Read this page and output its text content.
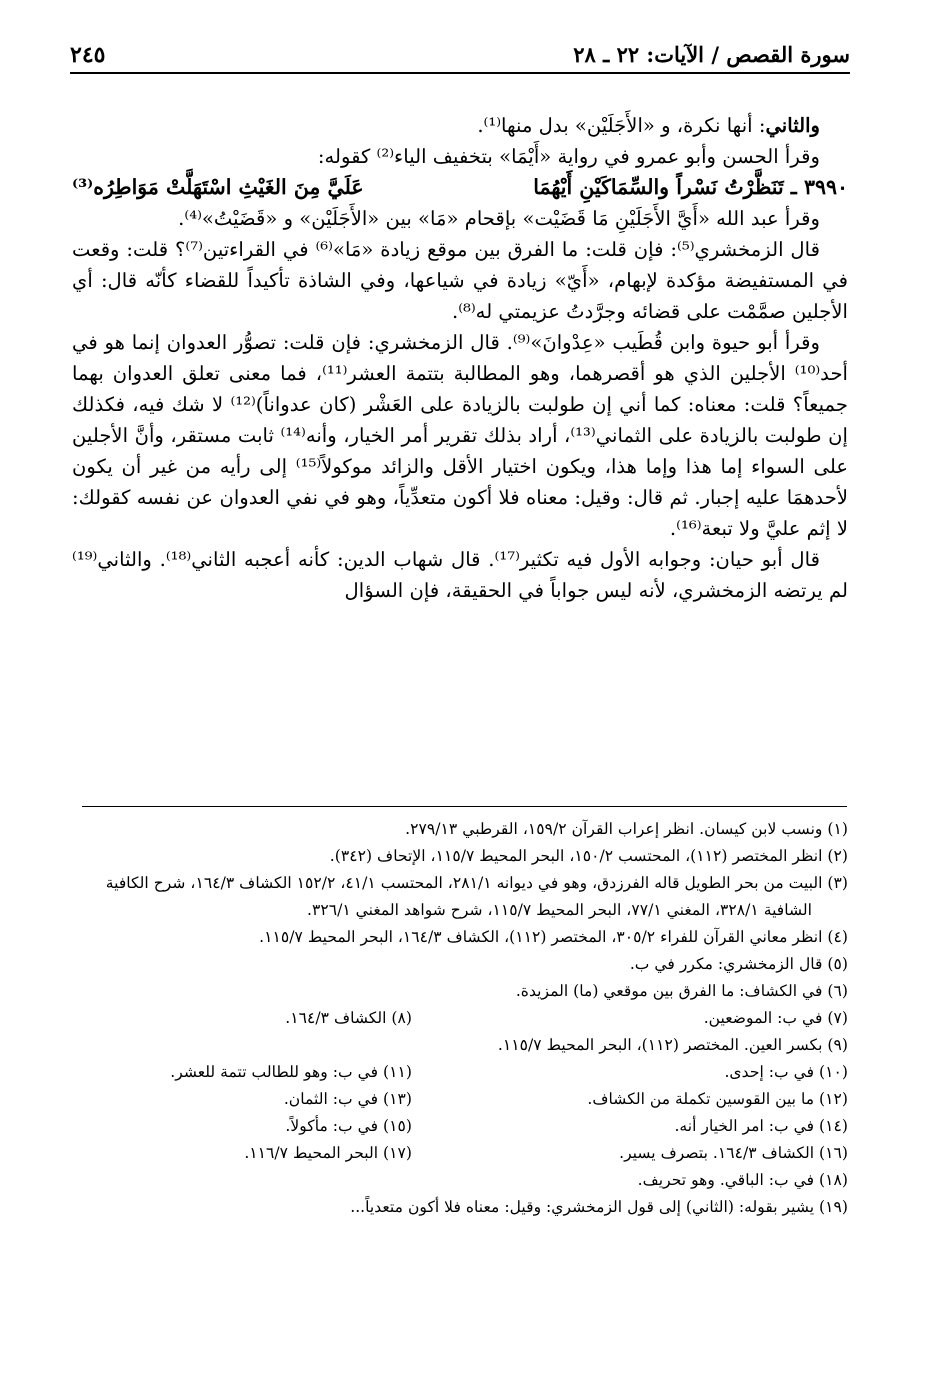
سورة القصص / الآيات: ٢٢ ـ ٢٨
٢٤٥

والثاني: أنها نكرة، و «الأَجَلَيْن» بدل منها⁽¹⁾.

وقرأ الحسن وأبو عمرو في رواية «أَيْمَا» بتخفيف الياء⁽²⁾ كقوله:

٣٩٩٠ ـ تَنَظَّرْتُ نَسْراً والسِّمَاكَيْنِ أَيْهُمَا
عَلَيَّ مِنَ الغَيْثِ اسْتَهَلَّتْ مَوَاطِرُه⁽³⁾

وقرأ عبد الله «أَيَّ الأَجَلَيْنِ مَا قَضَيْت» بإقحام «مَا» بين «الأَجَلَيْن» و «قَضَيْتُ»⁽⁴⁾.

قال الزمخشري⁽⁵⁾: فإن قلت: ما الفرق بين موقع زيادة «مَا»⁽⁶⁾ في القراءتين⁽⁷⁾؟ قلت: وقعت في المستفيضة مؤكدة لإبهام، «أَيّ» زيادة في شياعها، وفي الشاذة تأكيداً للقضاء كأنّه قال: أي الأجلين صمَّمْت على قضائه وجرَّدتُ عزيمتي له⁽⁸⁾.

وقرأ أبو حيوة وابن قُطَيب «عِدْوانَ»⁽⁹⁾. قال الزمخشري: فإن قلت: تصوُّر العدوان إنما هو في أحد⁽¹⁰⁾ الأجلين الذي هو أقصرهما، وهو المطالبة بتتمة العشر⁽¹¹⁾، فما معنى تعلق العدوان بهما جميعاً؟ قلت: معناه: كما أني إن طولبت بالزيادة على العَشْر (كان عدواناً)⁽¹²⁾ لا شك فيه، فكذلك إن طولبت بالزيادة على الثماني⁽¹³⁾، أراد بذلك تقرير أمر الخيار، وأنه⁽¹⁴⁾ ثابت مستقر، وأنَّ الأجلين على السواء إما هذا وإما هذا، ويكون اختيار الأقل والزائد موكولاً⁽¹⁵⁾ إلى رأيه من غير أن يكون لأحدهمَا عليه إجبار. ثم قال: وقيل: معناه فلا أكون متعدِّياً، وهو في نفي العدوان عن نفسه كقولك: لا إثم عليَّ ولا تبعة⁽¹⁶⁾.

قال أبو حيان: وجوابه الأول فيه تكثير⁽¹⁷⁾. قال شهاب الدين: كأنه أعجبه الثاني⁽¹⁸⁾. والثاني⁽¹⁹⁾ لم يرتضه الزمخشري، لأنه ليس جواباً في الحقيقة، فإن السؤال

(١) ونسب لابن كيسان. انظر إعراب القرآن ١٥٩/٢، القرطبي ٢٧٩/١٣.

(٢) انظر المختصر (١١٢)، المحتسب ١٥٠/٢، البحر المحيط ١١٥/٧، الإتحاف (٣٤٢).

(٣) البيت من بحر الطويل قاله الفرزدق، وهو في ديوانه ٢٨١/١، المحتسب ٤١/١، ١٥٢/٢ الكشاف ١٦٤/٣، شرح الكافية الشافية ٣٢٨/١، المغني ٧٧/١، البحر المحيط ١١٥/٧، شرح شواهد المغني ٣٢٦/١.

(٤) انظر معاني القرآن للفراء ٣٠٥/٢، المختصر (١١٢)، الكشاف ١٦٤/٣، البحر المحيط ١١٥/٧.

(٥) قال الزمخشري: مكرر في ب.

(٦) في الكشاف: ما الفرق بين موقعي (ما) المزيدة.

(٧) في ب: الموضعين.
(٨) الكشاف ١٦٤/٣.

(٩) بكسر العين. المختصر (١١٢)، البحر المحيط ١١٥/٧.

(١٠) في ب: إحدى.
(١١) في ب: وهو للطالب تتمة للعشر.
(١٢) ما بين القوسين تكملة من الكشاف.
(١٣) في ب: الثمان.
(١٤) في ب: امر الخيار أنه.
(١٥) في ب: مأكولاً.
(١٦) الكشاف ١٦٤/٣. بتصرف يسير.
(١٧) البحر المحيط ١١٦/٧.

(١٨) في ب: الباقي. وهو تحريف.

(١٩) يشير بقوله: (الثاني) إلى قول الزمخشري: وقيل: معناه فلا أكون متعدياً...
